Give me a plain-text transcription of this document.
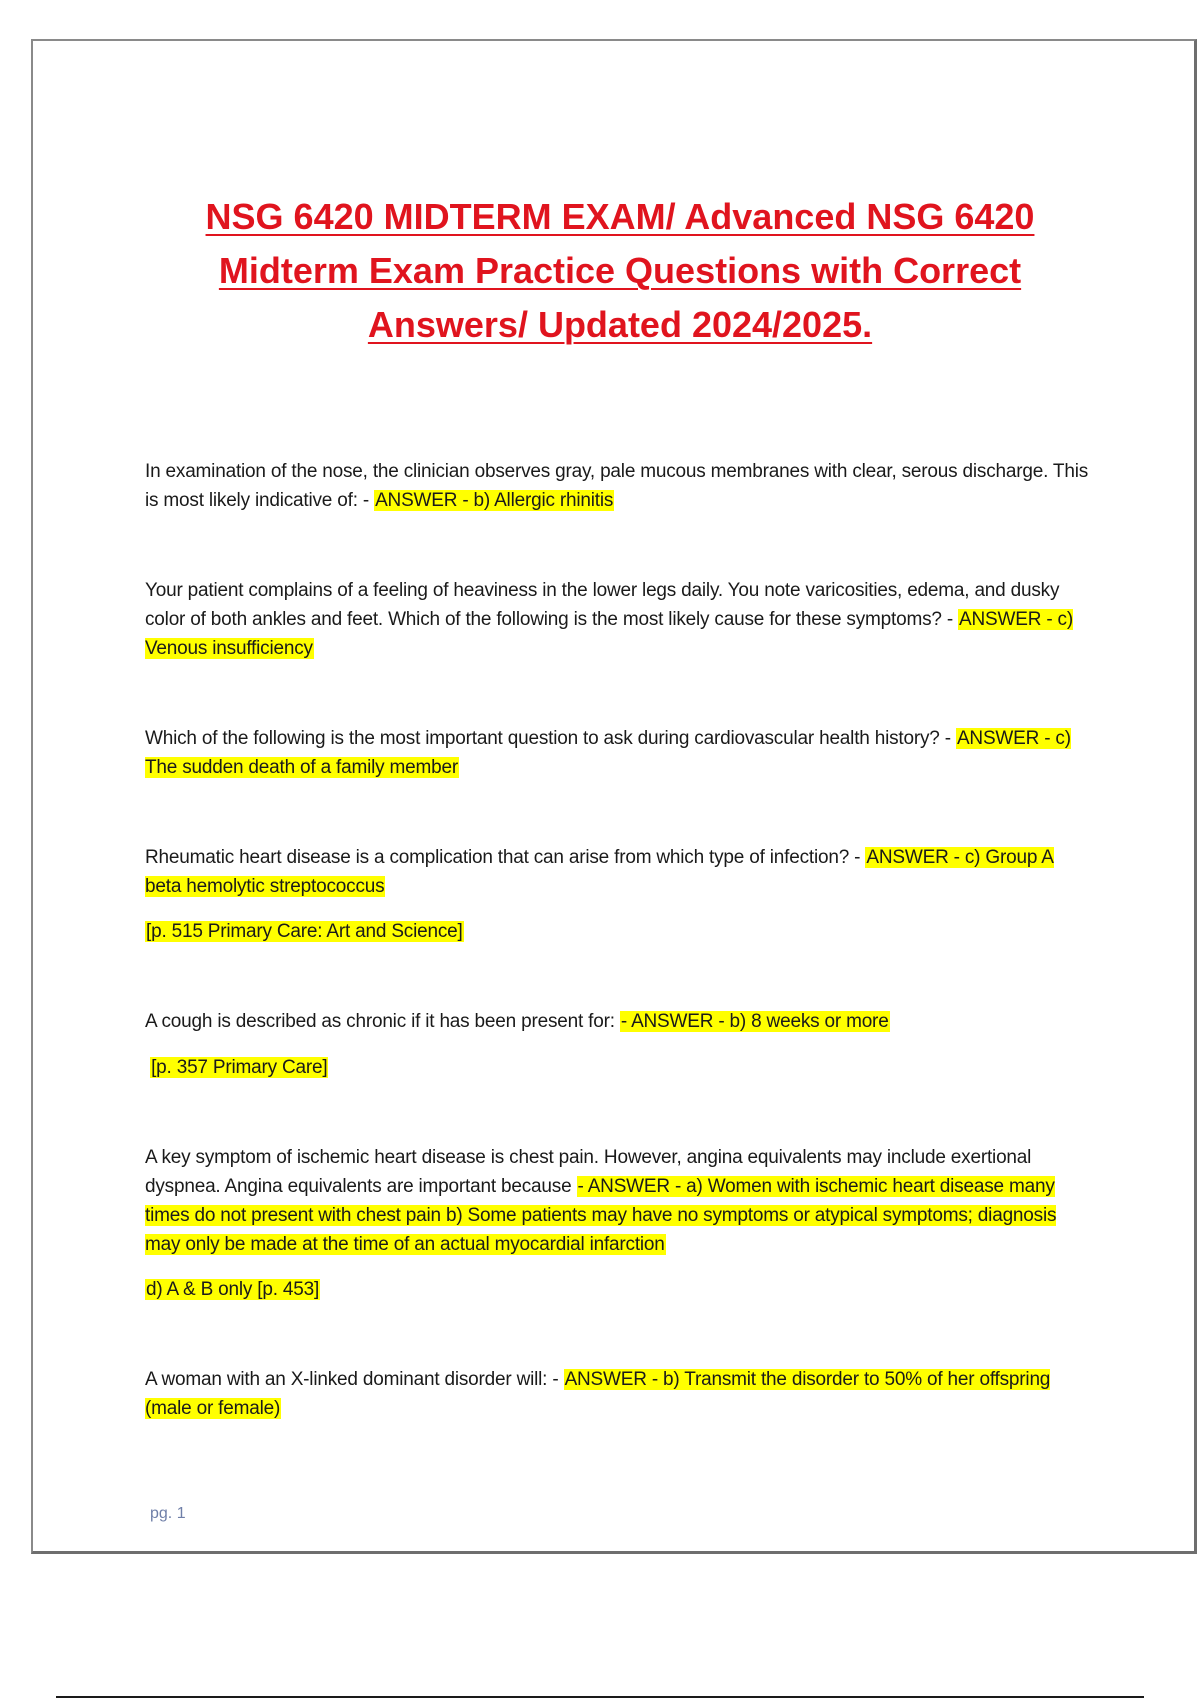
NSG 6420 MIDTERM EXAM/ Advanced NSG 6420 Midterm Exam Practice Questions with Correct Answers/ Updated 2024/2025.

In examination of the nose, the clinician observes gray, pale mucous membranes with clear, serous discharge. This is most likely indicative of: - ANSWER - b) Allergic rhinitis

Your patient complains of a feeling of heaviness in the lower legs daily. You note varicosities, edema, and dusky color of both ankles and feet. Which of the following is the most likely cause for these symptoms? - ANSWER - c) Venous insufficiency

Which of the following is the most important question to ask during cardiovascular health history? - ANSWER - c) The sudden death of a family member

Rheumatic heart disease is a complication that can arise from which type of infection? - ANSWER - c) Group A beta hemolytic streptococcus

[p. 515 Primary Care: Art and Science]

A cough is described as chronic if it has been present for: - ANSWER - b) 8 weeks or more

[p. 357 Primary Care]

A key symptom of ischemic heart disease is chest pain. However, angina equivalents may include exertional dyspnea. Angina equivalents are important because - ANSWER - a) Women with ischemic heart disease many times do not present with chest pain b) Some patients may have no symptoms or atypical symptoms; diagnosis may only be made at the time of an actual myocardial infarction

d) A & B only [p. 453]

A woman with an X-linked dominant disorder will: - ANSWER - b) Transmit the disorder to 50% of her offspring (male or female)

pg. 1
